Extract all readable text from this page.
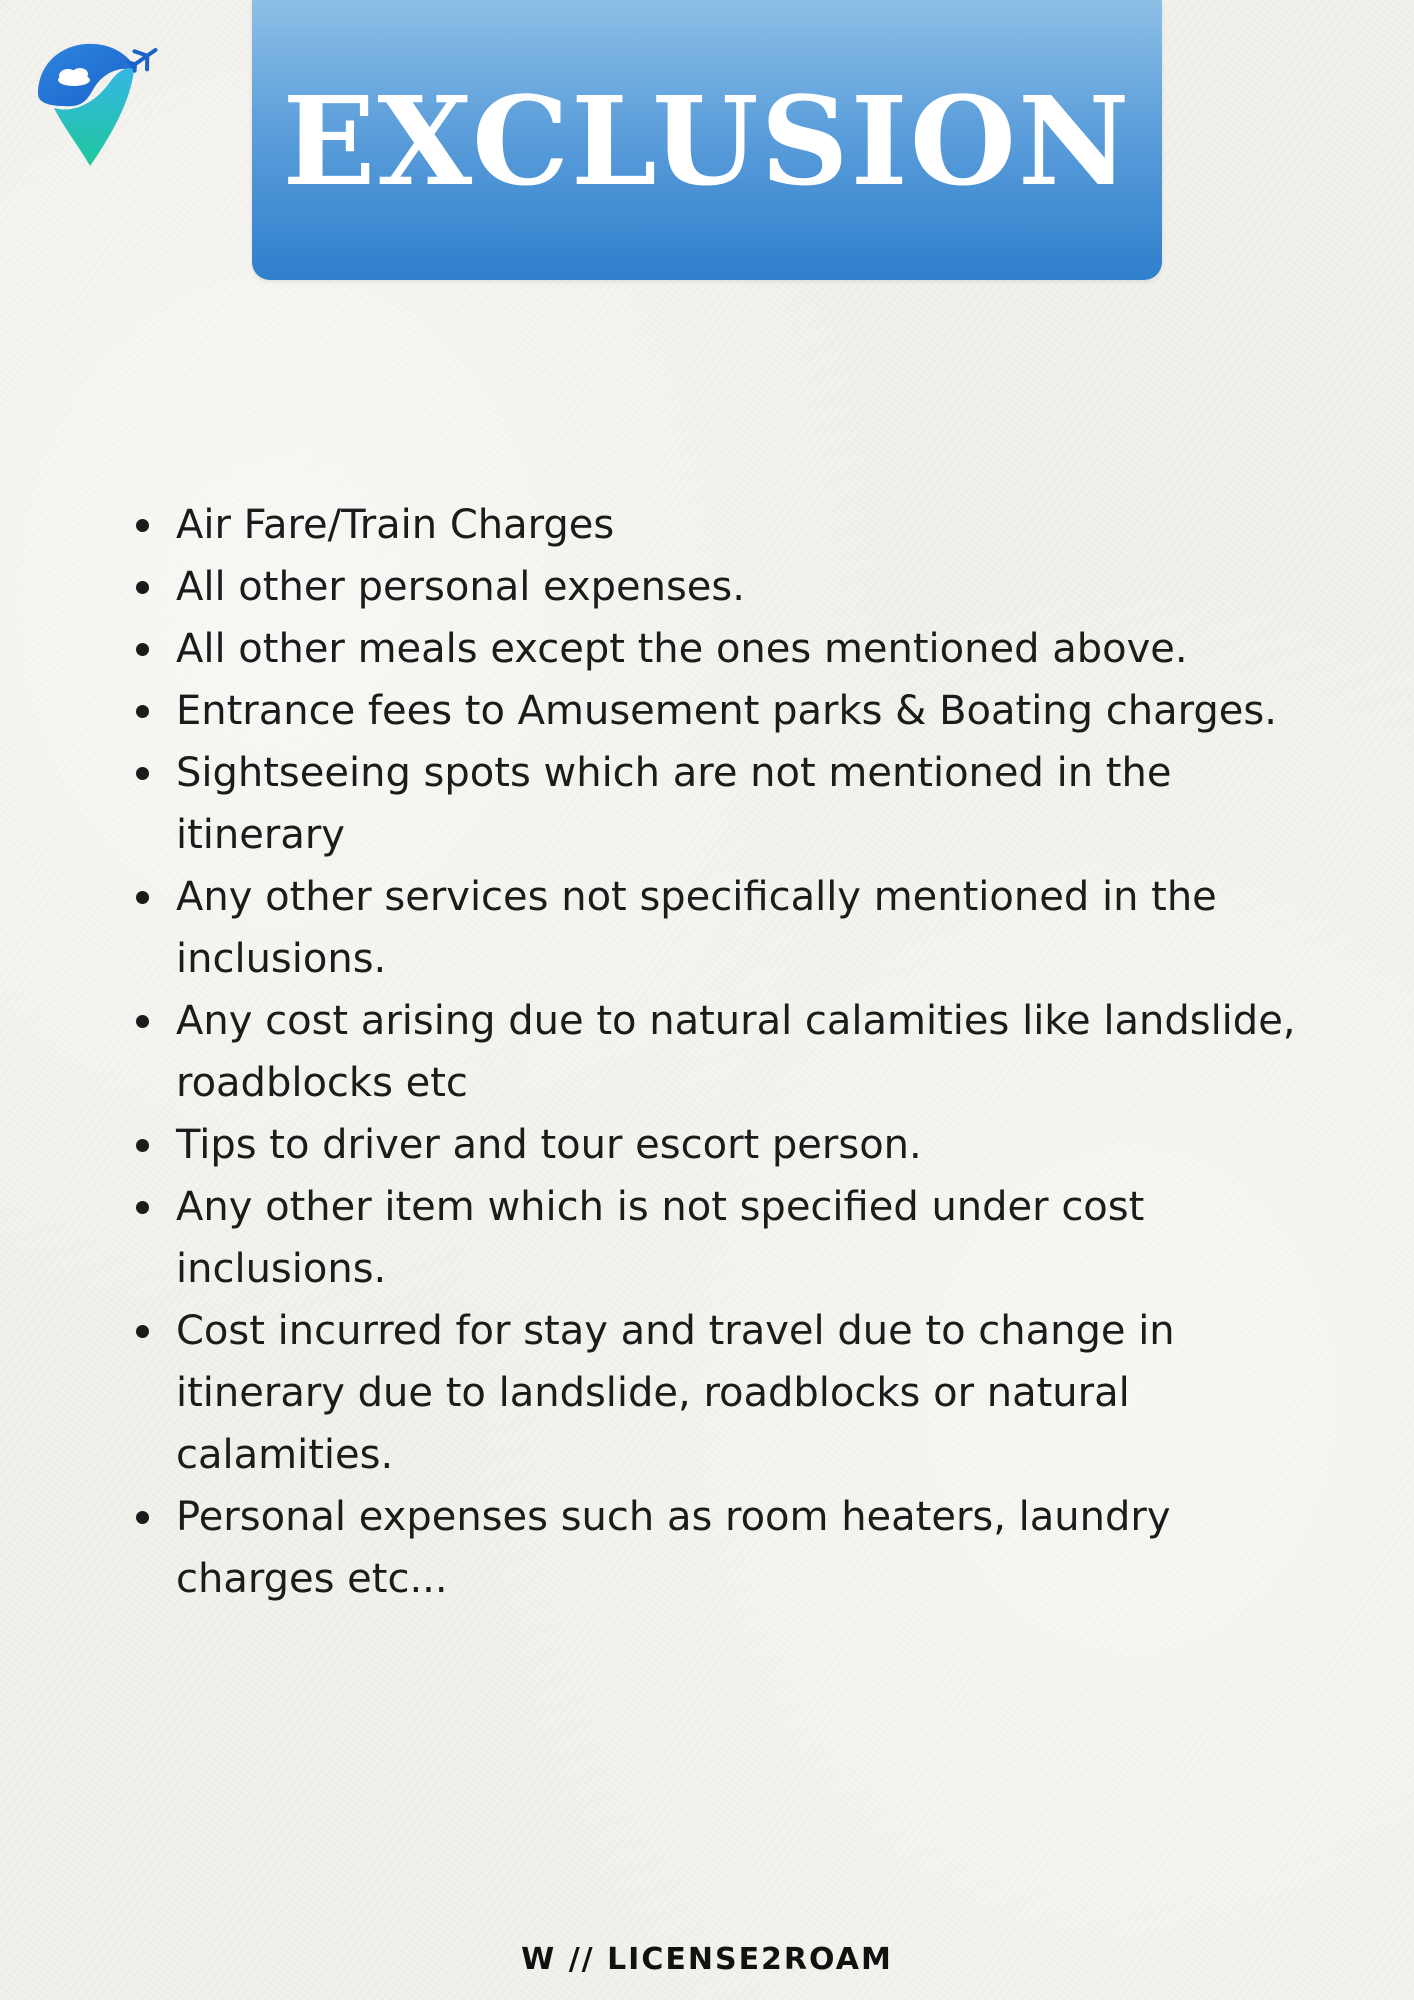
EXCLUSION
Air Fare/Train Charges
All other personal expenses.
All other meals except the ones mentioned above.
Entrance fees to Amusement parks & Boating charges.
Sightseeing spots which are not mentioned in the itinerary
Any other services not specifically mentioned in the inclusions.
Any cost arising due to natural calamities like landslide, roadblocks etc
Tips to driver and tour escort person.
Any other item which is not specified under cost inclusions.
Cost incurred for stay and travel due to change in itinerary due to landslide, roadblocks or natural calamities.
Personal expenses such as room heaters, laundry charges etc...
W // LICENSE2ROAM
